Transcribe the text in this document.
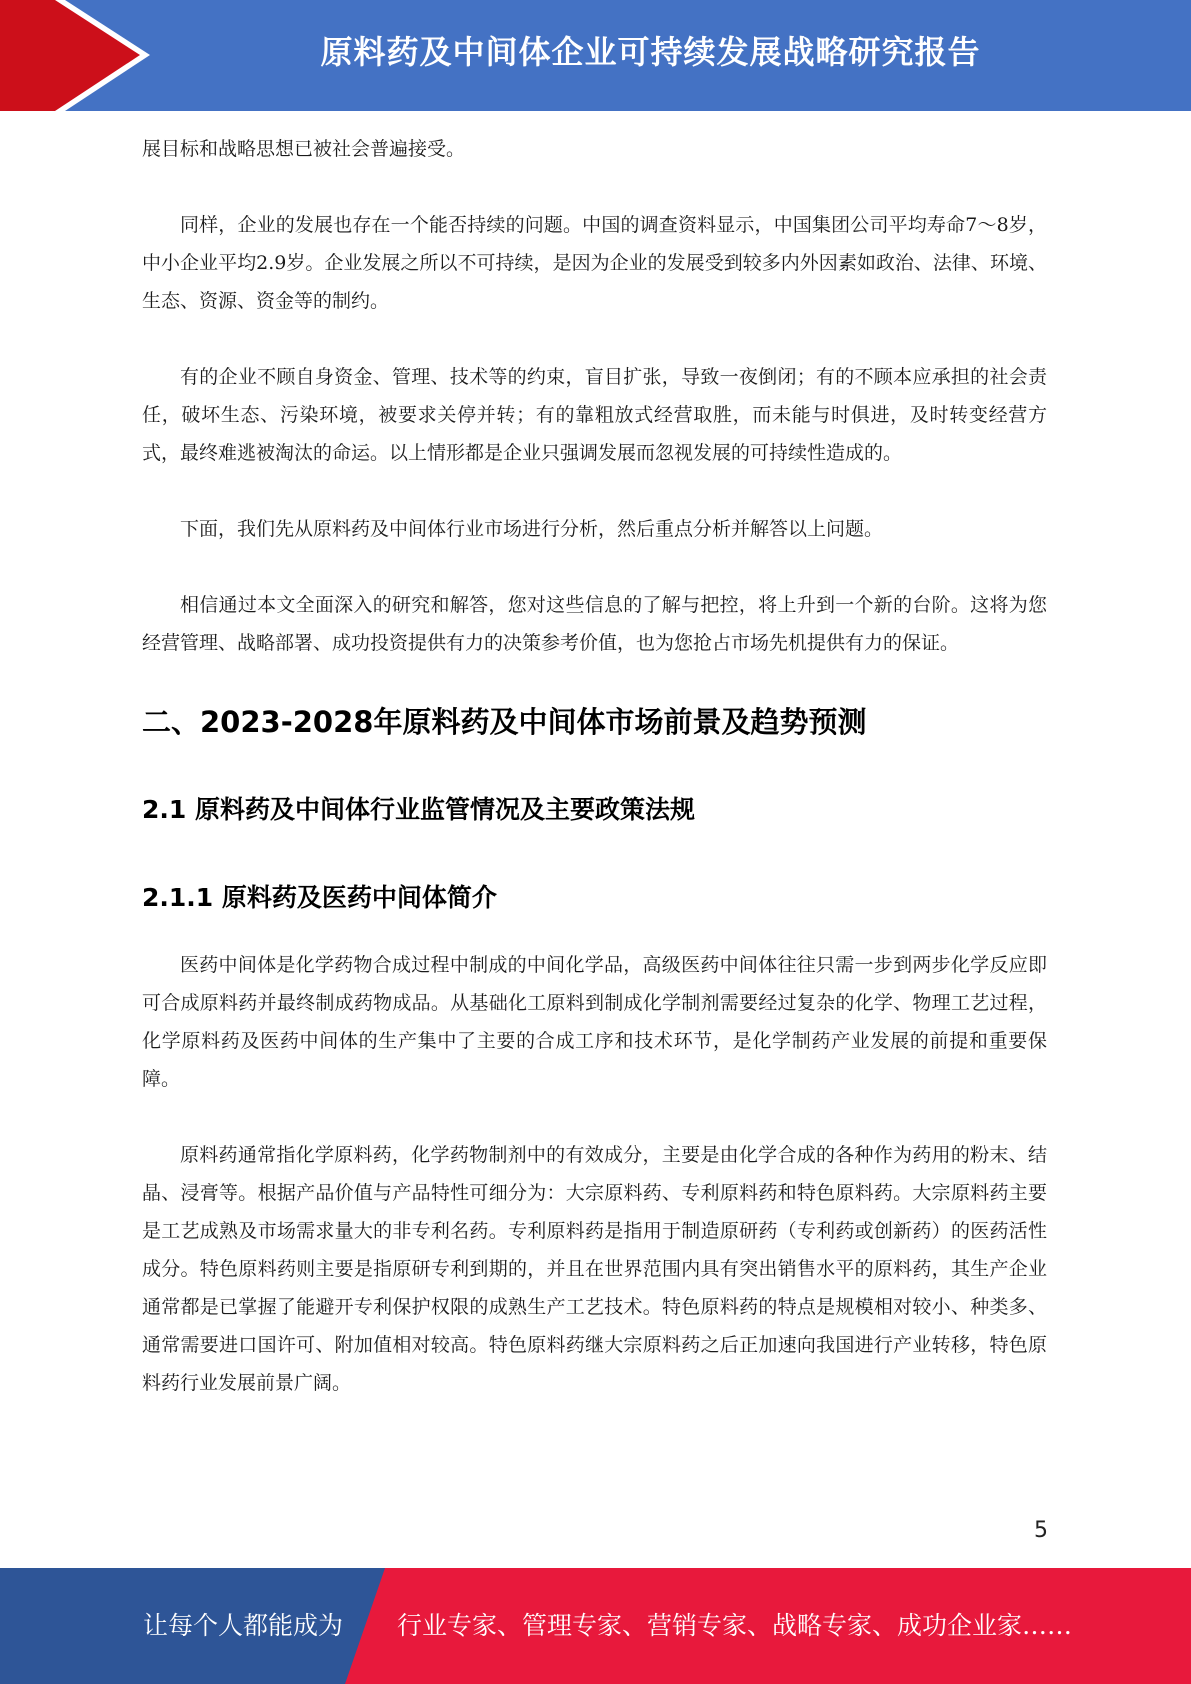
原料药及中间体企业可持续发展战略研究报告

展目标和战略思想已被社会普遍接受。

同样，企业的发展也存在一个能否持续的问题。中国的调查资料显示，中国集团公司平均寿命7～8岁，中小企业平均2.9岁。企业发展之所以不可持续，是因为企业的发展受到较多内外因素如政治、法律、环境、生态、资源、资金等的制约。

有的企业不顾自身资金、管理、技术等的约束，盲目扩张，导致一夜倒闭；有的不顾本应承担的社会责任，破坏生态、污染环境，被要求关停并转；有的靠粗放式经营取胜，而未能与时俱进，及时转变经营方式，最终难逃被淘汰的命运。以上情形都是企业只强调发展而忽视发展的可持续性造成的。

下面，我们先从原料药及中间体行业市场进行分析，然后重点分析并解答以上问题。

相信通过本文全面深入的研究和解答，您对这些信息的了解与把控，将上升到一个新的台阶。这将为您经营管理、战略部署、成功投资提供有力的决策参考价值，也为您抢占市场先机提供有力的保证。

二、2023-2028年原料药及中间体市场前景及趋势预测
2.1 原料药及中间体行业监管情况及主要政策法规
2.1.1 原料药及医药中间体简介

医药中间体是化学药物合成过程中制成的中间化学品，高级医药中间体往往只需一步到两步化学反应即可合成原料药并最终制成药物成品。从基础化工原料到制成化学制剂需要经过复杂的化学、物理工艺过程，化学原料药及医药中间体的生产集中了主要的合成工序和技术环节，是化学制药产业发展的前提和重要保障。

原料药通常指化学原料药，化学药物制剂中的有效成分，主要是由化学合成的各种作为药用的粉末、结晶、浸膏等。根据产品价值与产品特性可细分为：大宗原料药、专利原料药和特色原料药。大宗原料药主要是工艺成熟及市场需求量大的非专利名药。专利原料药是指用于制造原研药（专利药或创新药）的医药活性成分。特色原料药则主要是指原研专利到期的，并且在世界范围内具有突出销售水平的原料药，其生产企业通常都是已掌握了能避开专利保护权限的成熟生产工艺技术。特色原料药的特点是规模相对较小、种类多、通常需要进口国许可、附加值相对较高。特色原料药继大宗原料药之后正加速向我国进行产业转移，特色原料药行业发展前景广阔。

5
让每个人都能成为 行业专家、管理专家、营销专家、战略专家、成功企业家……
